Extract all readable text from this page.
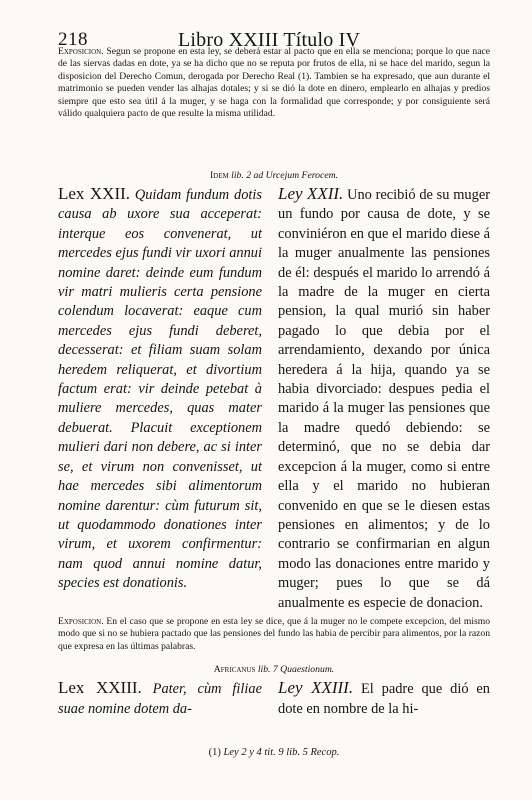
218	Libro XXIII Título IV

Exposicion. Segun se propone en esta ley, se deberá estar al pacto que en ella se menciona; porque lo que nace de las siervas dadas en dote, ya se ha dicho que no se reputa por frutos de ella, ni se hace del marido, segun la disposicion del Derecho Comun, derogada por Derecho Real (1). Tambien se ha expresado, que aun durante el matrimonio se pueden vender las alhajas dotales; y si se dió la dote en dinero, emplearlo en alhajas y predios siempre que esto sea útil á la muger, y se haga con la formalidad que corresponde; y por consiguiente será válido qualquiera pacto de que resulte la misma utilidad.

Idem lib. 2 ad Urcejum Ferocem.

Lex XXII. Quidam fundum dotis causa ab uxore sua acceperat: interque eos convenerat, ut mercedes ejus fundi vir uxori annui nomine daret: deinde eum fundum vir matri mulieris certa pensione colendum locaverat: eaque cum mercedes ejus fundi deberet, decesserat: et filiam suam solam heredem reliquerat, et divortium factum erat: vir deinde petebat à muliere mercedes, quas mater debuerat. Placuit exceptionem mulieri dari non debere, ac si inter se, et virum non convenisset, ut hae mercedes sibi alimentorum nomine darentur: cùm futurum sit, ut quodammodo donationes inter virum, et uxorem confirmentur: nam quod annui nomine datur, species est donationis.

Ley XXII. Uno recibió de su muger un fundo por causa de dote, y se conviniéron en que el marido diese á la muger anualmente las pensiones de él: después el marido lo arrendó á la madre de la muger en cierta pension, la qual murió sin haber pagado lo que debia por el arrendamiento, dexando por única heredera á la hija, quando ya se habia divorciado: despues pedia el marido á la muger las pensiones que la madre quedó debiendo: se determinó, que no se debia dar excepcion á la muger, como si entre ella y el marido no hubieran convenido en que se le diesen estas pensiones en alimentos; y de lo contrario se confirmarian en algun modo las donaciones entre marido y muger; pues lo que se dá anualmente es especie de donacion.

Exposicion. En el caso que se propone en esta ley se dice, que á la muger no le compete excepcion, del mismo modo que si no se hubiera pactado que las pensiones del fundo las habia de percibir para alimentos, por la razon que expresa en las últimas palabras.

Africanus lib. 7 Quaestionum.

Lex XXIII. Pater, cùm filiae suae nomine dotem da-

Ley XXIII. El padre que dió en dote en nombre de la hi-

(1) Ley 2 y 4 tit. 9 lib. 5 Recop.
